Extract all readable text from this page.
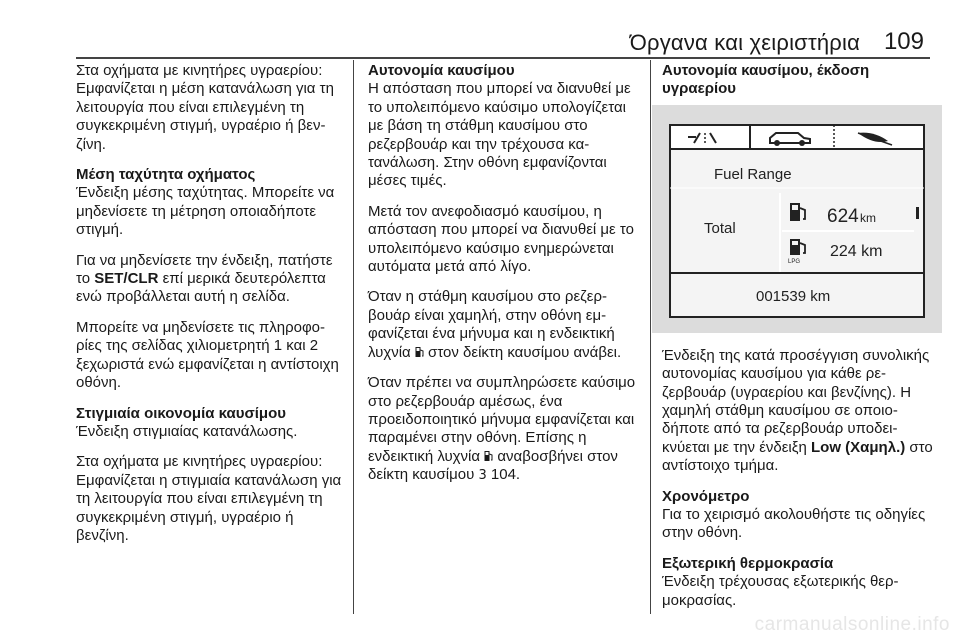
Όργανα και χειριστήρια 109

Στα οχήματα με κινητήρες υγραερίου: Εμφανίζεται η μέση κατανάλωση για τη λειτουργία που είναι επιλεγμένη τη συγκεκριμένη στιγμή, υγραέριο ή βενζίνη.

Μέση ταχύτητα οχήματος

Ένδειξη μέσης ταχύτητας. Μπορείτε να μηδενίσετε τη μέτρηση οποιαδήποτε στιγμή.

Για να μηδενίσετε την ένδειξη, πατήστε το SET/CLR επί μερικά δευτερόλεπτα ενώ προβάλλεται αυτή η σελίδα.

Μπορείτε να μηδενίσετε τις πληροφορίες της σελίδας χιλιομετρητή 1 και 2 ξεχωριστά ενώ εμφανίζεται η αντίστοιχη οθόνη.

Στιγμιαία οικονομία καυσίμου

Ένδειξη στιγμιαίας κατανάλωσης.

Στα οχήματα με κινητήρες υγραερίου: Εμφανίζεται η στιγμιαία κατανάλωση για τη λειτουργία που είναι επιλεγμένη τη συγκεκριμένη στιγμή, υγραέριο ή βενζίνη.

Αυτονομία καυσίμου

Η απόσταση που μπορεί να διανυθεί με το υπολειπόμενο καύσιμο υπολογίζεται με βάση τη στάθμη καυσίμου στο ρεζερβουάρ και την τρέχουσα κατανάλωση. Στην οθόνη εμφανίζονται μέσες τιμές.

Μετά τον ανεφοδιασμό καυσίμου, η απόσταση που μπορεί να διανυθεί με το υπολειπόμενο καύσιμο ενημερώνεται αυτόματα μετά από λίγο.

Όταν η στάθμη καυσίμου στο ρεζερβουάρ είναι χαμηλή, στην οθόνη εμφανίζεται ένα μήνυμα και η ενδεικτική λυχνία  στον δείκτη καυσίμου ανάβει.

Όταν πρέπει να συμπληρώσετε καύσιμο στο ρεζερβουάρ αμέσως, ένα προειδοποιητικό μήνυμα εμφανίζεται και παραμένει στην οθόνη. Επίσης η ενδεικτική λυχνία  αναβοσβήνει στον δείκτη καυσίμου 3 104.

Αυτονομία καυσίμου, έκδοση υγραερίου
Fuel Range
Total
624 km
LPG
224 km
001539 km

Ένδειξη της κατά προσέγγιση συνολικής αυτονομίας καυσίμου για κάθε ρεζερβουάρ (υγραερίου και βενζίνης). Η χαμηλή στάθμη καυσίμου σε οποιοδήποτε από τα ρεζερβουάρ υποδεικνύεται με την ένδειξη Low (Χαμηλ.) στο αντίστοιχο τμήμα.

Χρονόμετρο

Για το χειρισμό ακολουθήστε τις οδηγίες στην οθόνη.

Εξωτερική θερμοκρασία

Ένδειξη τρέχουσας εξωτερικής θερμοκρασίας.

carmanualsonline.info
